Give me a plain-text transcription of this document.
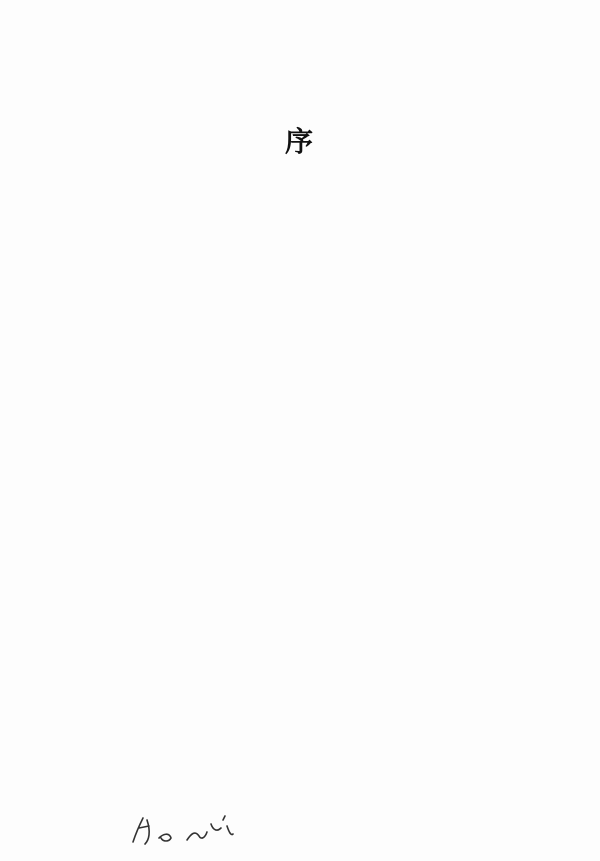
序
